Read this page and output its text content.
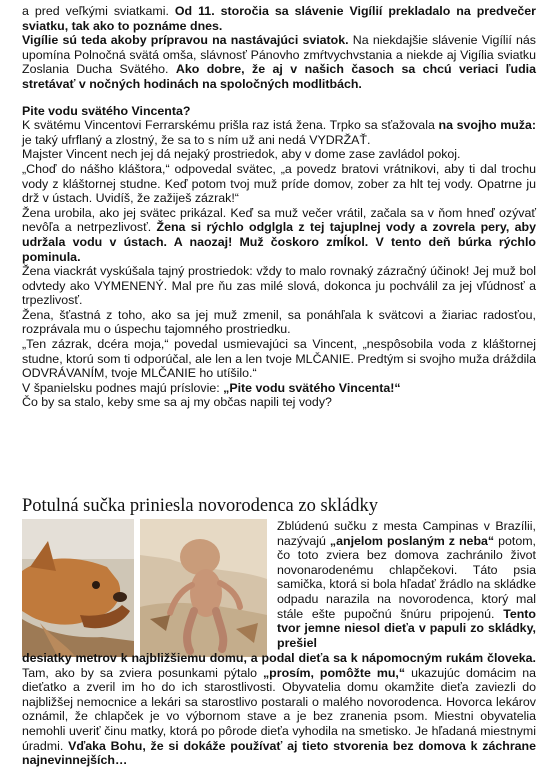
a pred veľkými sviatkami. Od 11. storočia sa slávenie Vigílií prekladalo na predvečer sviatku, tak ako to poznáme dnes.

Vigílie sú teda akoby prípravou na nastávajúci sviatok. Na niekdajšie slávenie Vigílií nás upomína Polnočná svätá omša, slávnosť Pánovho zmŕtvychvstania a niekde aj Vigília sviatku Zoslania Ducha Svätého. Ako dobre, že aj v našich časoch sa chcú veriaci ľudia stretávať v nočných hodinách na spoločných modlitbách.

Pite vodu svätého Vincenta?

K svätému Vincentovi Ferrarskému prišla raz istá žena. Trpko sa sťažovala na svojho muža: je taký ufrflaný a zlostný, že sa to s ním už ani nedá VYDRŽAŤ.

Majster Vincent nech jej dá nejaký prostriedok, aby v dome zase zavládol pokoj.

„Choď do nášho kláštora,“ odpovedal svätec, „a povedz bratovi vrátnikovi, aby ti dal trochu vody z kláštornej studne. Keď potom tvoj muž príde domov, zober za hlt tej vody. Opatrne ju drž v ústach. Uvidíš, že zažiješ zázrak!“

Žena urobila, ako jej svätec prikázal. Keď sa muž večer vrátil, začala sa v ňom hneď ozývať nevôľa a netrpezlivosť. Žena si rýchlo odglgla z tej tajuplnej vody a zovrela pery, aby udržala vodu v ústach. A naozaj! Muž čoskoro zmĺkol. V tento deň búrka rýchlo pominula.

Žena viackrát vyskúšala tajný prostriedok: vždy to malo rovnaký zázračný účinok! Jej muž bol odvtedy ako VYMENENÝ. Mal pre ňu zas milé slová, dokonca ju pochválil za jej vľúdnosť a trpezlivosť.

Žena, šťastná z toho, ako sa jej muž zmenil, sa ponáhľala k svätcovi a žiariac radosťou, rozprávala mu o úspechu tajomného prostriedku.

„Ten zázrak, dcéra moja,“ povedal usmievajúci sa Vincent, „nespôsobila voda z kláštornej studne, ktorú som ti odporúčal, ale len a len tvoje MLČANIE. Predtým si svojho muža dráždila ODVRÁVANÍM, tvoje MLČANIE ho utíšilo.“

V španielsku podnes majú príslovie: „Pite vodu svätého Vincenta!“

Čo by sa stalo, keby sme sa aj my občas napili tej vody?

Potulná sučka priniesla novorodenca zo skládky

Zblúdenú sučku z mesta Campinas v Brazílii, nazývajú „anjelom poslaným z neba“ potom, čo toto zviera bez domova zachránilo život novonarodenému chlapčekovi. Táto psia samička, ktorá si bola hľadať žrádlo na skládke odpadu narazila na novorodenca, ktorý mal stále ešte pupočnú šnúru pripojenú. Tento tvor jemne niesol dieťa v papuli zo skládky, prešiel

desiatky metrov k najbližšiemu domu, a podal dieťa sa k nápomocným rukám človeka. Tam, ako by sa zviera posunkami pýtalo „prosím, pomôžte mu,“ ukazujúc domácim na dieťatko a zveril im ho do ich starostlivosti. Obyvatelia domu okamžite dieťa zaviezli do najbližšej nemocnice a lekári sa starostlivo postarali o malého novorodenca. Hovorca lekárov oznámil, že chlapček je vo výbornom stave a je bez zranenia psom. Miestni obyvatelia nemohli uveriť činu matky, ktorá po pôrode dieťa vyhodila na smetisko. Je hľadaná miestnymi úradmi. Vďaka Bohu, že si dokáže používať aj tieto stvorenia bez domova k záchrane najnevinnejších…
